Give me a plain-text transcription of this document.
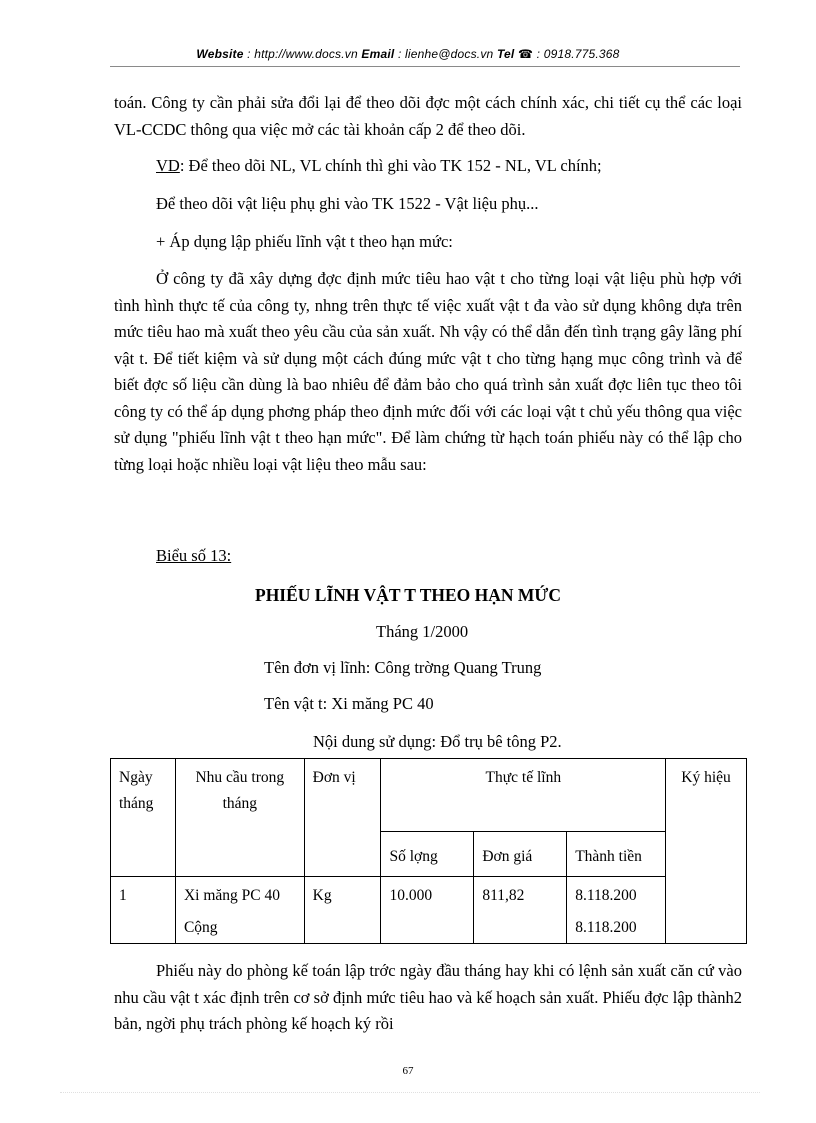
Website : http://www.docs.vn Email : lienhe@docs.vn Tel ☎ : 0918.775.368

toán. Công ty cần phải sửa đổi lại để theo dõi đợc một cách chính xác, chi tiết cụ thể các loại VL-CCDC thông qua việc mở các tài khoản cấp 2 để theo dõi.

VD: Để theo dõi NL, VL chính thì ghi vào TK 152 - NL, VL chính;

Để theo dõi vật liệu phụ ghi vào TK 1522 - Vật liệu phụ...

+ Áp dụng lập phiếu lĩnh vật t theo hạn mức:

Ở công ty đã xây dựng đợc định mức tiêu hao vật t cho từng loại vật liệu phù hợp với tình hình thực tế của công ty, nhng trên thực tế việc xuất vật t đa vào sử dụng không dựa trên mức tiêu hao mà xuất theo yêu cầu của sản xuất. Nh vậy có thể dẫn đến tình trạng gây lãng phí vật t. Để tiết kiệm và sử dụng một cách đúng mức vật t cho từng hạng mục công trình và để biết đợc số liệu cần dùng là bao nhiêu để đảm bảo cho quá trình sản xuất đợc liên tục theo tôi công ty có thể áp dụng phơng pháp theo định mức đối với các loại vật t chủ yếu thông qua việc sử dụng "phiếu lĩnh vật t theo hạn mức". Để làm chứng từ hạch toán phiếu này có thể lập cho từng loại hoặc nhiều loại vật liệu theo mẫu sau:

Biểu số 13:

PHIẾU LĨNH VẬT T THEO HẠN MỨC

Tháng 1/2000

Tên đơn vị lĩnh: Công trờng Quang Trung

Tên vật t: Xi măng PC 40

Nội dung sử dụng: Đổ trụ bê tông P2.

Ngày tháng	Nhu cầu trong tháng	Đơn vị	Thực tế lĩnh			Ký hiệu
			Số lợng	Đơn giá	Thành tiền	
1	Xi măng PC 40	Kg	10.000	811,82	8.118.200	
	Cộng				8.118.200	

Phiếu này do phòng kế toán lập trớc ngày đầu tháng hay khi có lệnh sản xuất căn cứ vào nhu cầu vật t xác định trên cơ sở định mức tiêu hao và kế hoạch sản xuất. Phiếu đợc lập thành2 bản, ngời phụ trách phòng kế hoạch ký rồi

67
